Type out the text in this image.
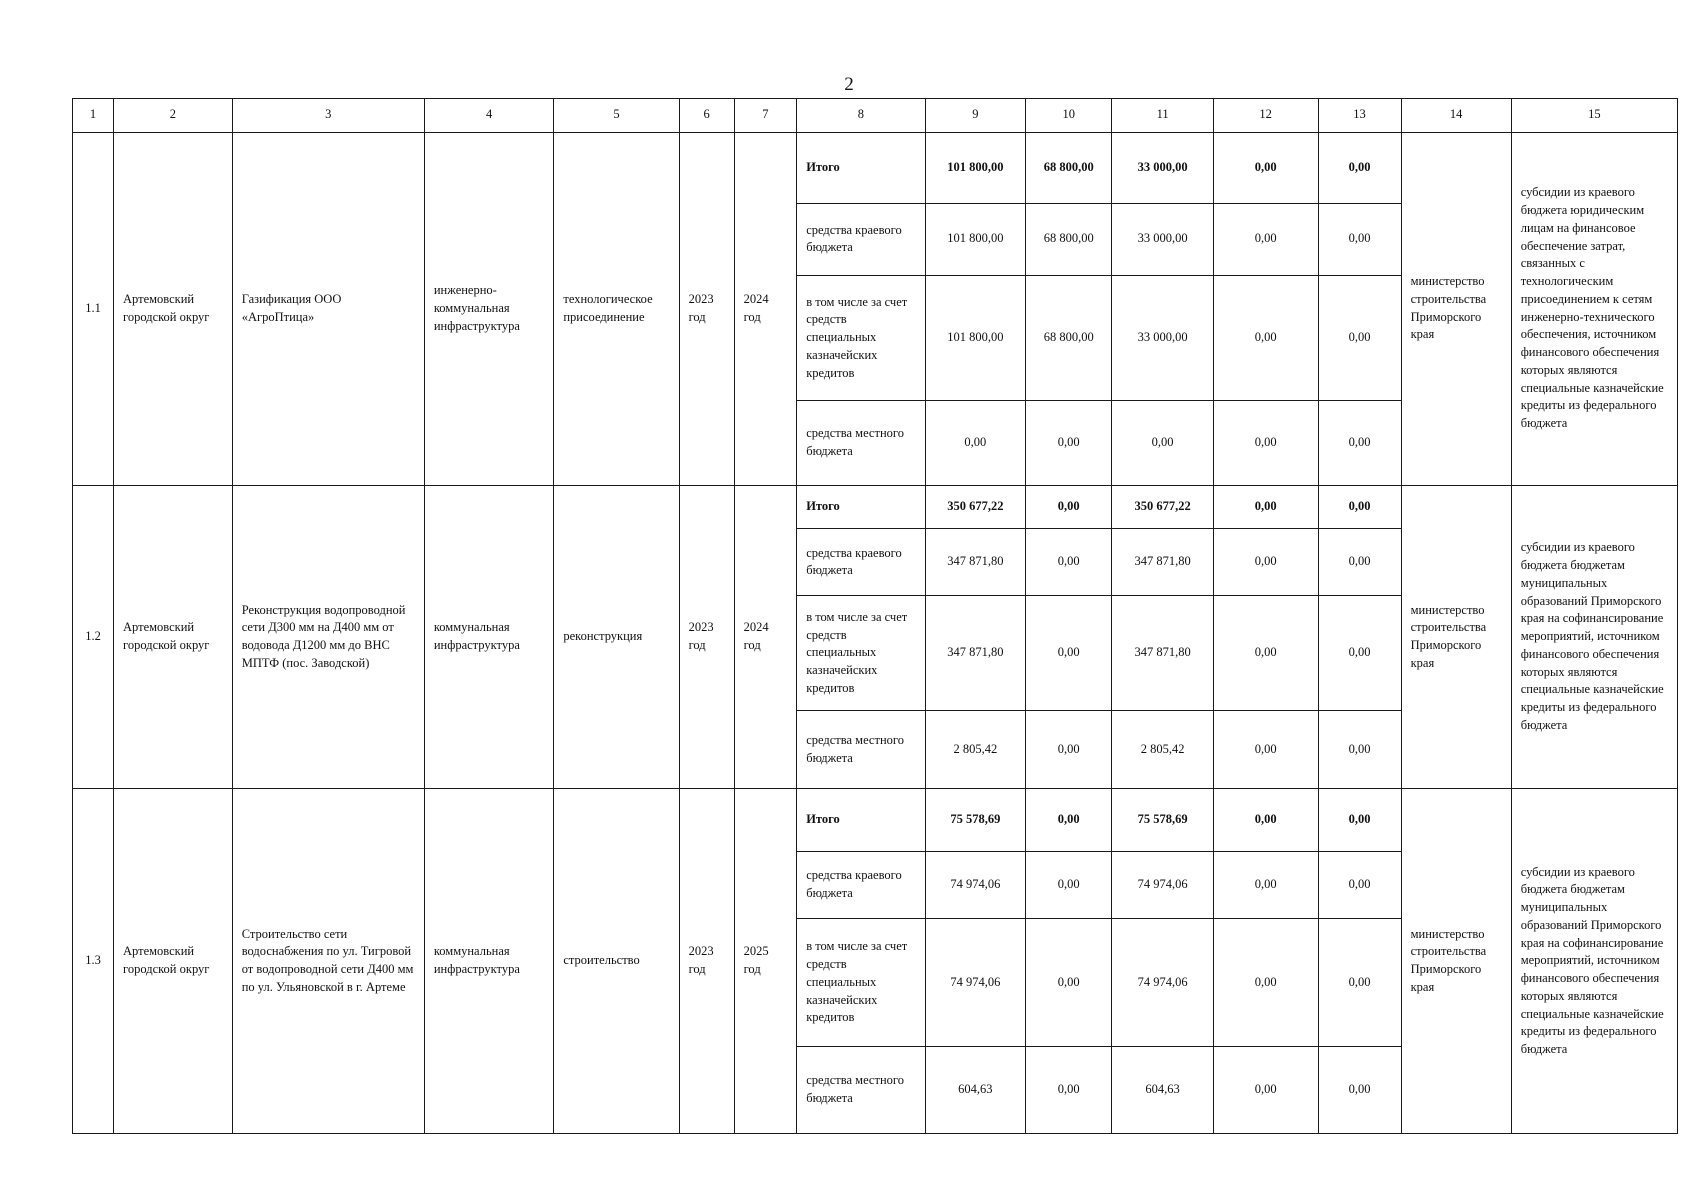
2
1	2	3	4	5	6	7	8	9	10	11	12	13	14	15
1.1	Артемовский городской округ	Газификация ООО «АгроПтица»	инженерно-коммунальная инфраструктура	технологическое присоединение	2023 год	2024 год	Итого	101 800,00	68 800,00	33 000,00	0,00	0,00	министерство строительства Приморского края	субсидии из краевого бюджета юридическим лицам на финансовое обеспечение затрат, связанных с технологическим присоединением к сетям инженерно-технического обеспечения, источником финансового обеспечения которых являются специальные казначейские кредиты из федерального бюджета
							средства краевого бюджета	101 800,00	68 800,00	33 000,00	0,00	0,00		
							в том числе за счет средств специальных казначейских кредитов	101 800,00	68 800,00	33 000,00	0,00	0,00		
							средства местного бюджета	0,00	0,00	0,00	0,00	0,00		
1.2	Артемовский городской округ	Реконструкция водопроводной сети Д300 мм на Д400 мм от водовода Д1200 мм до ВНС МПТФ (пос. Заводской)	коммунальная инфраструктура	реконструкция	2023 год	2024 год	Итого	350 677,22	0,00	350 677,22	0,00	0,00	министерство строительства Приморского края	субсидии из краевого бюджета бюджетам муниципальных образований Приморского края на софинансирование мероприятий, источником финансового обеспечения которых являются специальные казначейские кредиты из федерального бюджета
							средства краевого бюджета	347 871,80	0,00	347 871,80	0,00	0,00		
							в том числе за счет средств специальных казначейских кредитов	347 871,80	0,00	347 871,80	0,00	0,00		
							средства местного бюджета	2 805,42	0,00	2 805,42	0,00	0,00		
1.3	Артемовский городской округ	Строительство сети водоснабжения по ул. Тигровой от водопроводной сети Д400 мм по ул. Ульяновской в г. Артеме	коммунальная инфраструктура	строительство	2023 год	2025 год	Итого	75 578,69	0,00	75 578,69	0,00	0,00	министерство строительства Приморского края	субсидии из краевого бюджета бюджетам муниципальных образований Приморского края на софинансирование мероприятий, источником финансового обеспечения которых являются специальные казначейские кредиты из федерального бюджета
							средства краевого бюджета	74 974,06	0,00	74 974,06	0,00	0,00		
							в том числе за счет средств специальных казначейских кредитов	74 974,06	0,00	74 974,06	0,00	0,00		
							средства местного бюджета	604,63	0,00	604,63	0,00	0,00		
